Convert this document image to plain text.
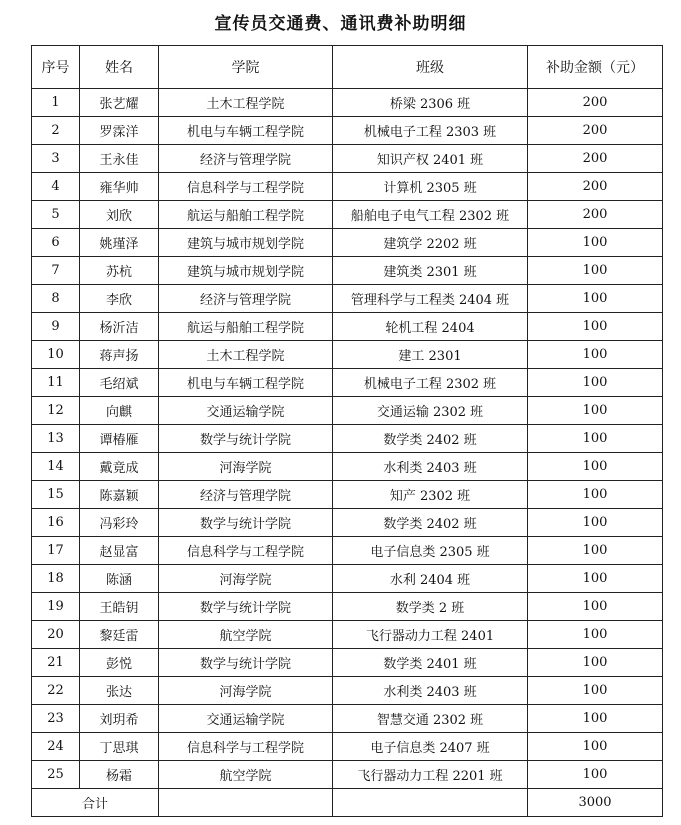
宣传员交通费、通讯费补助明细
序号	姓名	学院	班级	补助金额（元）
1	张艺耀	土木工程学院	桥梁 2306 班	200
2	罗霂洋	机电与车辆工程学院	机械电子工程 2303 班	200
3	王永佳	经济与管理学院	知识产权 2401 班	200
4	雍华帅	信息科学与工程学院	计算机 2305 班	200
5	刘欣	航运与船舶工程学院	船舶电子电气工程 2302 班	200
6	姚瑾泽	建筑与城市规划学院	建筑学 2202 班	100
7	苏杭	建筑与城市规划学院	建筑类 2301 班	100
8	李欣	经济与管理学院	管理科学与工程类 2404 班	100
9	杨沂洁	航运与船舶工程学院	轮机工程 2404	100
10	蒋声扬	土木工程学院	建工 2301	100
11	毛绍斌	机电与车辆工程学院	机械电子工程 2302 班	100
12	向麒	交通运输学院	交通运输 2302 班	100
13	谭椿雁	数学与统计学院	数学类 2402 班	100
14	戴竟成	河海学院	水利类 2403 班	100
15	陈嘉颖	经济与管理学院	知产 2302 班	100
16	冯彩玲	数学与统计学院	数学类 2402 班	100
17	赵显富	信息科学与工程学院	电子信息类 2305 班	100
18	陈涵	河海学院	水利 2404 班	100
19	王皓钥	数学与统计学院	数学类 2 班	100
20	黎廷雷	航空学院	飞行器动力工程 2401	100
21	彭悦	数学与统计学院	数学类 2401 班	100
22	张达	河海学院	水利类 2403 班	100
23	刘玥希	交通运输学院	智慧交通 2302 班	100
24	丁思琪	信息科学与工程学院	电子信息类 2407 班	100
25	杨霜	航空学院	飞行器动力工程 2201 班	100
合计				3000
